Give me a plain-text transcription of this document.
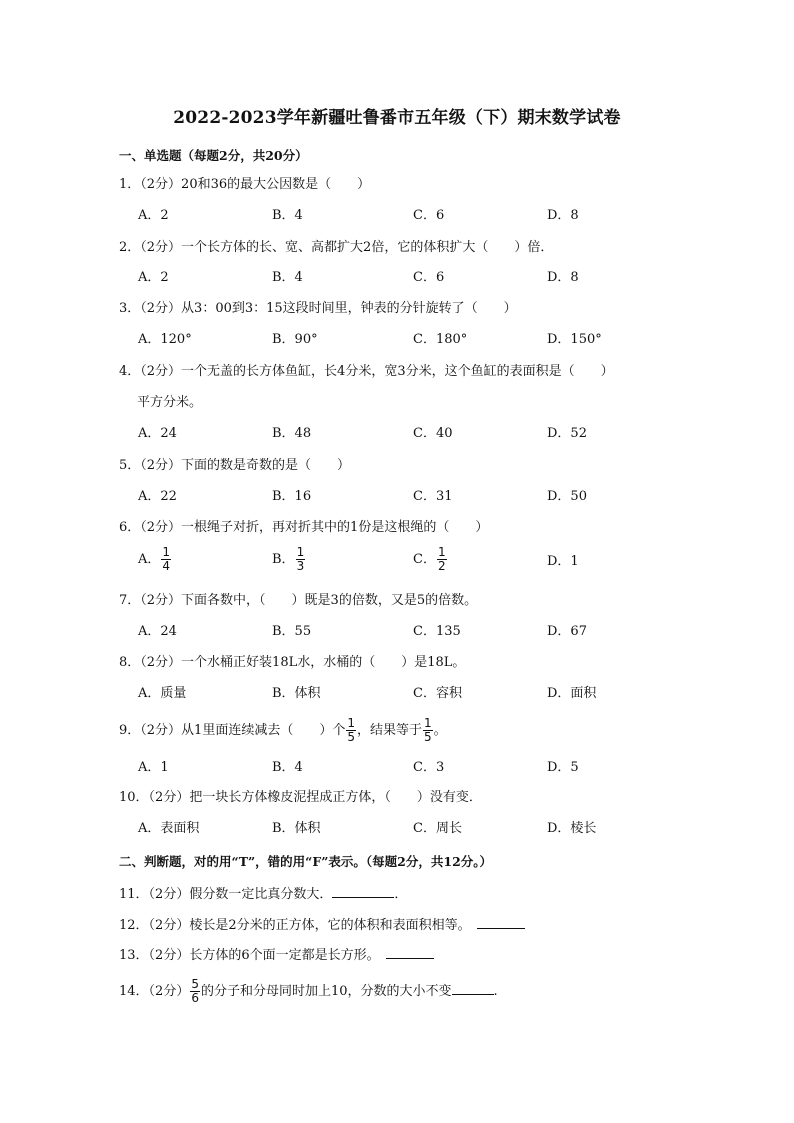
2022-2023学年新疆吐鲁番市五年级（下）期末数学试卷
一、单选题（每题2分，共20分）
1．（2分）20和36的最大公因数是（　　）
A．2	B．4	C．6	D．8
2．（2分）一个长方体的长、宽、高都扩大2倍，它的体积扩大（　　）倍．
A．2	B．4	C．6	D．8
3．（2分）从3：00到3：15这段时间里，钟表的分针旋转了（　　）
A．120°	B．90°	C．180°	D．150°
4．（2分）一个无盖的长方体鱼缸，长4分米，宽3分米，这个鱼缸的表面积是（　　）
平方分米。
A．24	B．48	C．40	D．52
5．（2分）下面的数是奇数的是（　　）
A．22	B．16	C．31	D．50
6．（2分）一根绳子对折，再对折其中的1份是这根绳的（　　）
A． $\frac{1}{4}$	B． $\frac{1}{3}$	C． $\frac{1}{2}$	D．1
7．（2分）下面各数中，（　　）既是3的倍数，又是5的倍数。
A．24	B．55	C．135	D．67
8．（2分）一个水桶正好装18L水，水桶的（　　）是18L。
A．质量	B．体积	C．容积	D．面积
9．（2分）从1里面连续减去（　　）个 $\frac{1}{5}$ ，结果等于 $\frac{1}{5}$ 。
A．1	B．4	C．3	D．5
10．（2分）把一块长方体橡皮泥捏成正方体，（　　）没有变．
A．表面积	B．体积	C．周长	D．棱长
二、判断题，对的用“T”，错的用“F”表示。（每题2分，共12分。）
11．（2分）假分数一定比真分数大．	．
12．（2分）棱长是2分米的正方体，它的体积和表面积相等。
13．（2分）长方体的6个面一定都是长方形。
14．（2分） $\frac{5}{6}$ 的分子和分母同时加上10，分数的大小不变	.
